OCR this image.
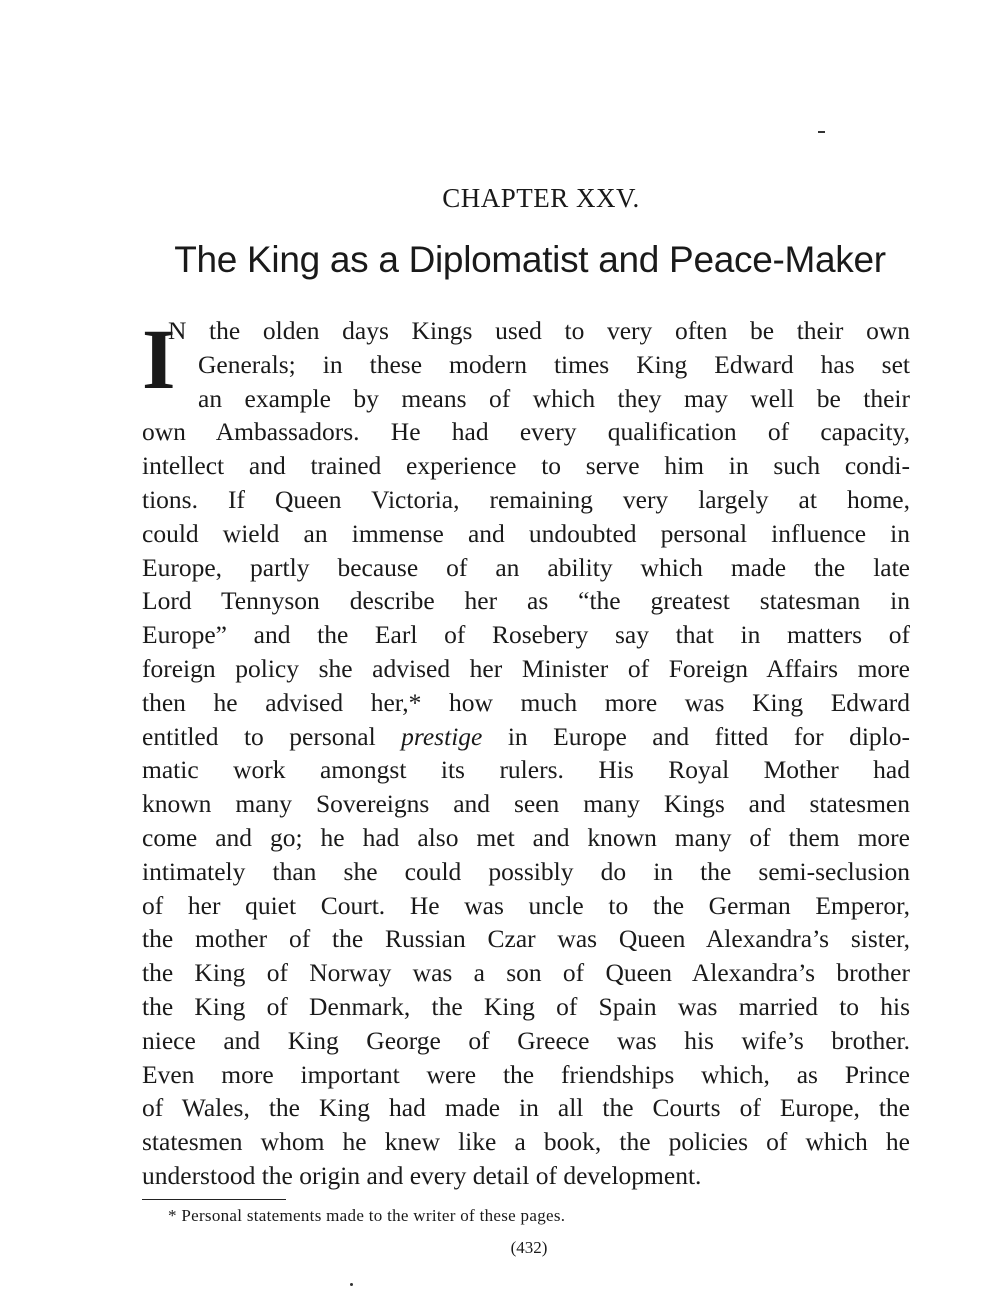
CHAPTER XXV.
The King as a Diplomatist and Peace-Maker
I
N the olden days Kings used to very often be their own
Generals; in these modern times King Edward has set
an example by means of which they may well be their
own Ambassadors. He had every qualification of capacity,
intellect and trained experience to serve him in such condi-
tions. If Queen Victoria, remaining very largely at home,
could wield an immense and undoubted personal influence in
Europe, partly because of an ability which made the late
Lord Tennyson describe her as “the greatest statesman in
Europe” and the Earl of Rosebery say that in matters of
foreign policy she advised her Minister of Foreign Affairs more
then he advised her,* how much more was King Edward
entitled to personal prestige in Europe and fitted for diplo-
matic work amongst its rulers. His Royal Mother had
known many Sovereigns and seen many Kings and statesmen
come and go; he had also met and known many of them more
intimately than she could possibly do in the semi-seclusion
of her quiet Court. He was uncle to the German Emperor,
the mother of the Russian Czar was Queen Alexandra’s sister,
the King of Norway was a son of Queen Alexandra’s brother
the King of Denmark, the King of Spain was married to his
niece and King George of Greece was his wife’s brother.
Even more important were the friendships which, as Prince
of Wales, the King had made in all the Courts of Europe, the
statesmen whom he knew like a book, the policies of which he
understood the origin and every detail of development.
* Personal statements made to the writer of these pages.
(432)
